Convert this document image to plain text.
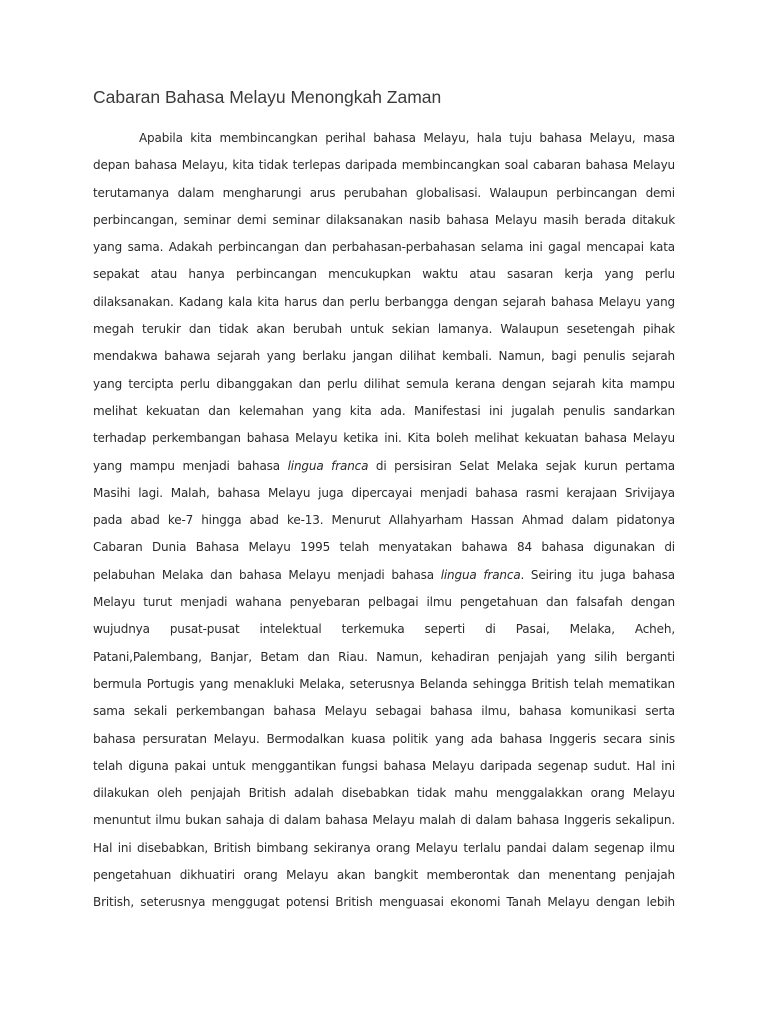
Cabaran Bahasa Melayu Menongkah Zaman
Apabila kita membincangkan perihal bahasa Melayu, hala tuju bahasa Melayu, masa
depan bahasa Melayu, kita tidak terlepas daripada membincangkan soal cabaran bahasa Melayu
terutamanya dalam mengharungi arus perubahan globalisasi. Walaupun perbincangan demi
perbincangan, seminar demi seminar dilaksanakan nasib bahasa Melayu masih berada ditakuk
yang sama. Adakah perbincangan dan perbahasan-perbahasan selama ini gagal mencapai kata
sepakat atau hanya perbincangan mencukupkan waktu atau sasaran kerja yang perlu
dilaksanakan. Kadang kala kita harus dan perlu berbangga dengan sejarah bahasa Melayu yang
megah terukir dan tidak akan berubah untuk sekian lamanya. Walaupun sesetengah pihak
mendakwa bahawa sejarah yang berlaku jangan dilihat kembali. Namun, bagi penulis sejarah
yang tercipta perlu dibanggakan dan perlu dilihat semula kerana dengan sejarah kita mampu
melihat kekuatan dan kelemahan yang kita ada. Manifestasi ini jugalah penulis sandarkan
terhadap perkembangan bahasa Melayu ketika ini. Kita boleh melihat kekuatan bahasa Melayu
yang mampu menjadi bahasa lingua franca di persisiran Selat Melaka sejak kurun pertama
Masihi lagi. Malah, bahasa Melayu juga dipercayai menjadi bahasa rasmi kerajaan Srivijaya
pada abad ke-7 hingga abad ke-13. Menurut Allahyarham Hassan Ahmad dalam pidatonya
Cabaran Dunia Bahasa Melayu 1995 telah menyatakan bahawa 84 bahasa digunakan di
pelabuhan Melaka dan bahasa Melayu menjadi bahasa lingua franca. Seiring itu juga bahasa
Melayu turut menjadi wahana penyebaran pelbagai ilmu pengetahuan dan falsafah dengan
wujudnya pusat-pusat intelektual terkemuka seperti di Pasai, Melaka, Acheh,
Patani,Palembang, Banjar, Betam dan Riau. Namun, kehadiran penjajah yang silih berganti
bermula Portugis yang menakluki Melaka, seterusnya Belanda sehingga British telah mematikan
sama sekali perkembangan bahasa Melayu sebagai bahasa ilmu, bahasa komunikasi serta
bahasa persuratan Melayu. Bermodalkan kuasa politik yang ada bahasa Inggeris secara sinis
telah diguna pakai untuk menggantikan fungsi bahasa Melayu daripada segenap sudut. Hal ini
dilakukan oleh penjajah British adalah disebabkan tidak mahu menggalakkan orang Melayu
menuntut ilmu bukan sahaja di dalam bahasa Melayu malah di dalam bahasa Inggeris sekalipun.
Hal ini disebabkan, British bimbang sekiranya orang Melayu terlalu pandai dalam segenap ilmu
pengetahuan dikhuatiri orang Melayu akan bangkit memberontak dan menentang penjajah
British, seterusnya menggugat potensi British menguasai ekonomi Tanah Melayu dengan lebih
